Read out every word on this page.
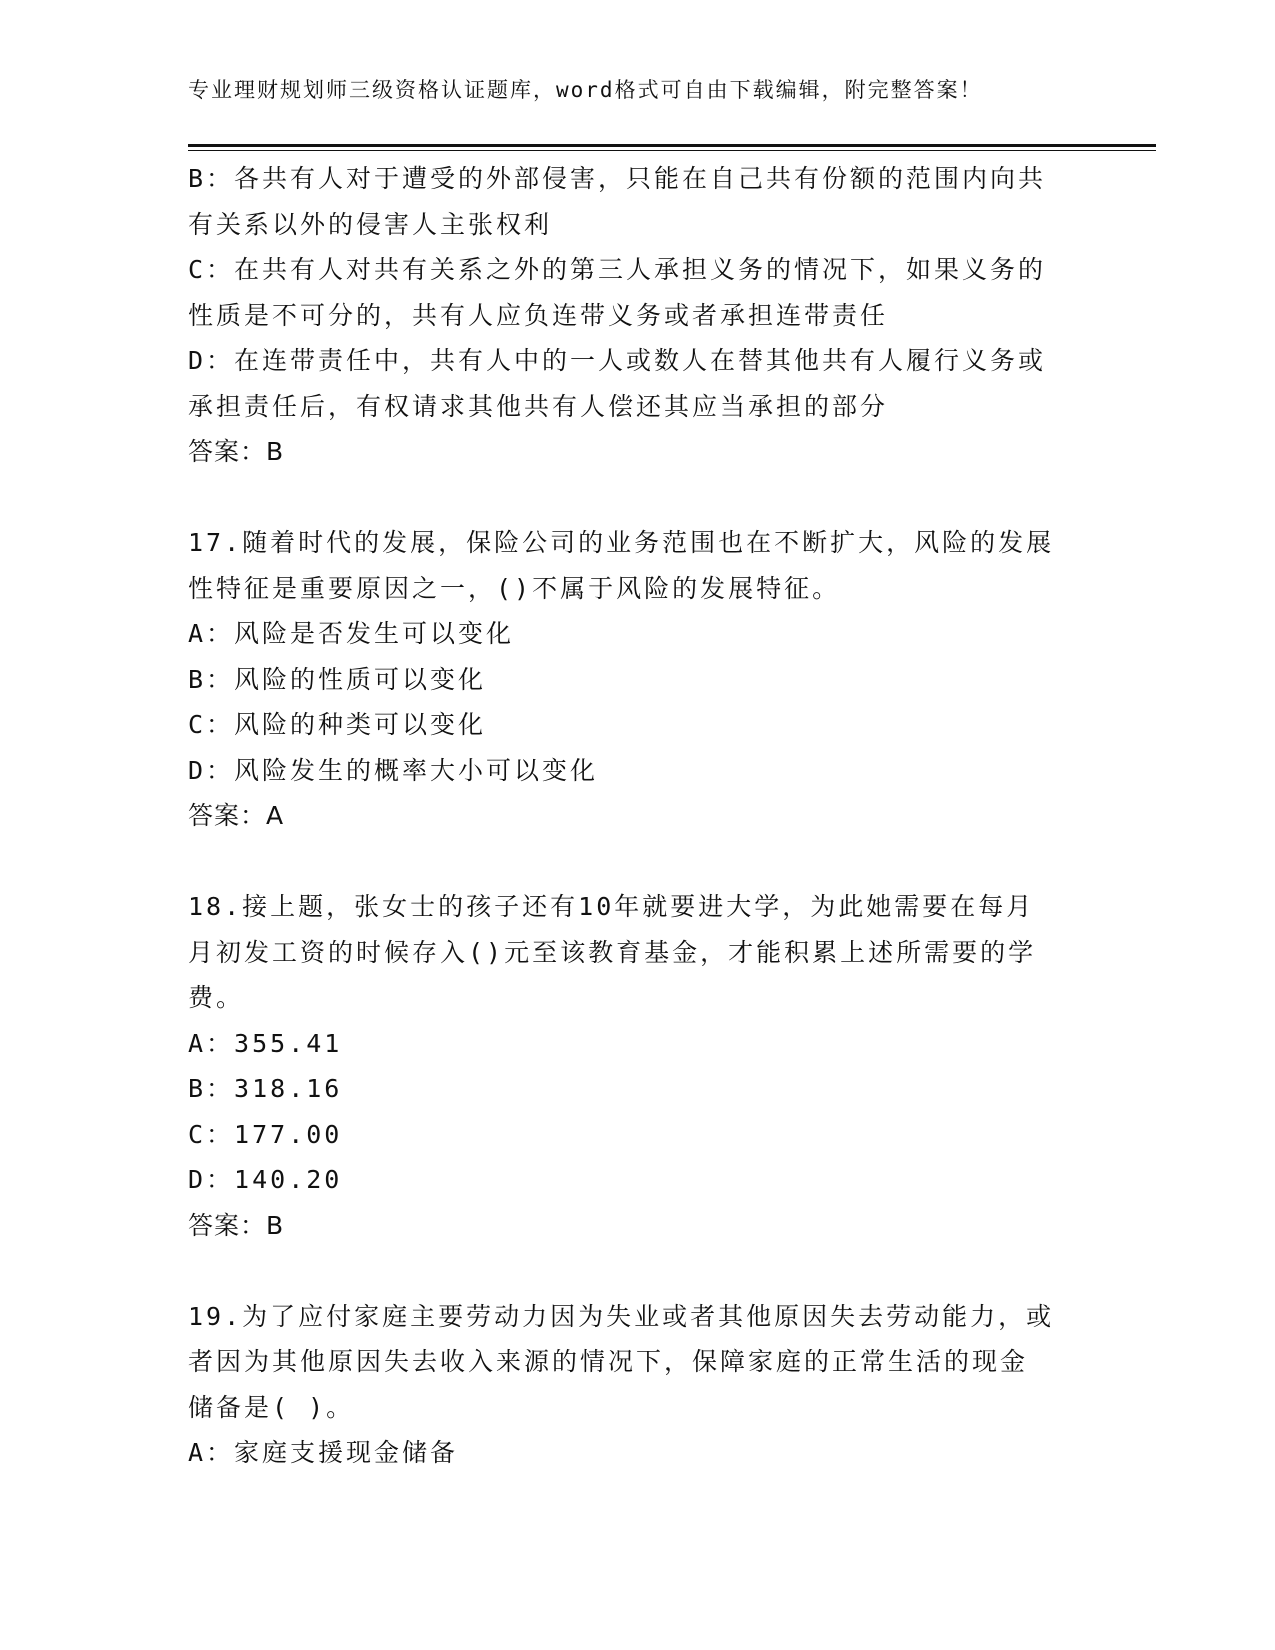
专业理财规划师三级资格认证题库，word格式可自由下载编辑，附完整答案！
B：各共有人对于遭受的外部侵害，只能在自己共有份额的范围内向共
有关系以外的侵害人主张权利
C：在共有人对共有关系之外的第三人承担义务的情况下，如果义务的
性质是不可分的，共有人应负连带义务或者承担连带责任
D：在连带责任中，共有人中的一人或数人在替其他共有人履行义务或
承担责任后，有权请求其他共有人偿还其应当承担的部分
答案：B
17.随着时代的发展，保险公司的业务范围也在不断扩大，风险的发展
性特征是重要原因之一，()不属于风险的发展特征。
A：风险是否发生可以变化
B：风险的性质可以变化
C：风险的种类可以变化
D：风险发生的概率大小可以变化
答案：A
18.接上题，张女士的孩子还有10年就要进大学，为此她需要在每月
月初发工资的时候存入()元至该教育基金，才能积累上述所需要的学
费。
A：355.41
B：318.16
C：177.00
D：140.20
答案：B
19.为了应付家庭主要劳动力因为失业或者其他原因失去劳动能力，或
者因为其他原因失去收入来源的情况下，保障家庭的正常生活的现金
储备是( )。
A：家庭支援现金储备
